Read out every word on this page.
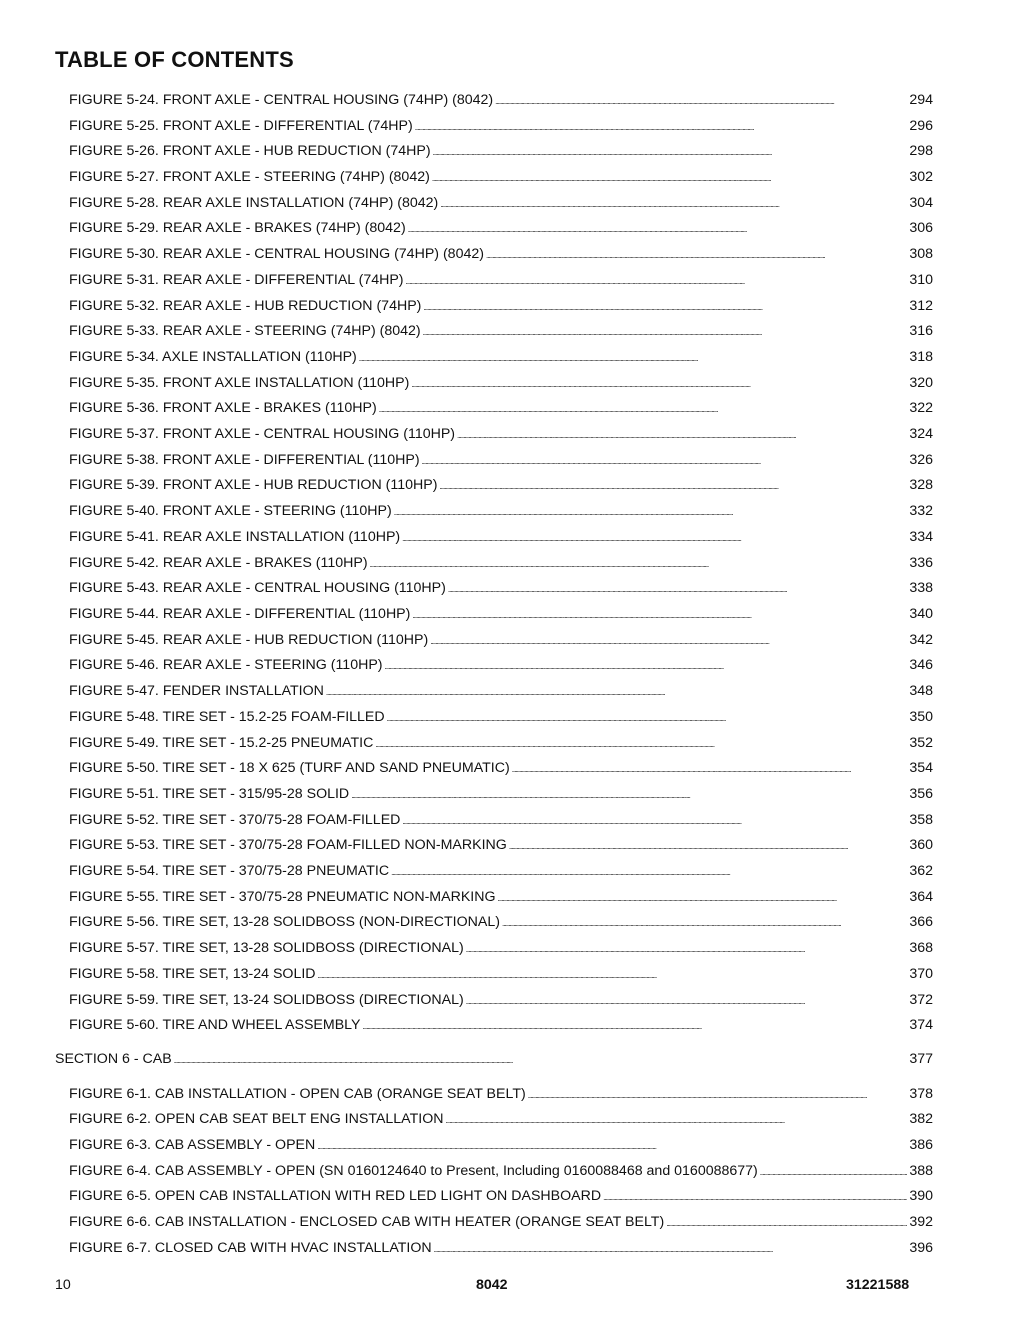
TABLE OF CONTENTS
FIGURE 5-24. FRONT AXLE - CENTRAL HOUSING (74HP) (8042) . . .	294
FIGURE 5-25. FRONT AXLE - DIFFERENTIAL (74HP) . . .	296
FIGURE 5-26. FRONT AXLE - HUB REDUCTION (74HP) . . .	298
FIGURE 5-27. FRONT AXLE - STEERING (74HP) (8042) . . .	302
FIGURE 5-28. REAR AXLE INSTALLATION (74HP) (8042) . . .	304
FIGURE 5-29. REAR AXLE - BRAKES (74HP) (8042) . . .	306
FIGURE 5-30. REAR AXLE - CENTRAL HOUSING (74HP) (8042) . . .	308
FIGURE 5-31. REAR AXLE - DIFFERENTIAL (74HP) . . .	310
FIGURE 5-32. REAR AXLE - HUB REDUCTION (74HP) . . .	312
FIGURE 5-33. REAR AXLE - STEERING (74HP) (8042) . . .	316
FIGURE 5-34. AXLE INSTALLATION (110HP) . . .	318
FIGURE 5-35. FRONT AXLE INSTALLATION (110HP) . . .	320
FIGURE 5-36. FRONT AXLE - BRAKES (110HP) . . .	322
FIGURE 5-37. FRONT AXLE - CENTRAL HOUSING (110HP) . . .	324
FIGURE 5-38. FRONT AXLE - DIFFERENTIAL (110HP) . . .	326
FIGURE 5-39. FRONT AXLE - HUB REDUCTION (110HP) . . .	328
FIGURE 5-40. FRONT AXLE - STEERING (110HP) . . .	332
FIGURE 5-41. REAR AXLE INSTALLATION (110HP) . . .	334
FIGURE 5-42. REAR AXLE - BRAKES (110HP) . . .	336
FIGURE 5-43. REAR AXLE - CENTRAL HOUSING (110HP) . . .	338
FIGURE 5-44. REAR AXLE - DIFFERENTIAL (110HP) . . .	340
FIGURE 5-45. REAR AXLE - HUB REDUCTION (110HP) . . .	342
FIGURE 5-46. REAR AXLE - STEERING (110HP) . . .	346
FIGURE 5-47. FENDER INSTALLATION . . .	348
FIGURE 5-48. TIRE SET - 15.2-25 FOAM-FILLED . . .	350
FIGURE 5-49. TIRE SET - 15.2-25 PNEUMATIC . . .	352
FIGURE 5-50. TIRE SET - 18 X 625 (TURF AND SAND PNEUMATIC) . . .	354
FIGURE 5-51. TIRE SET - 315/95-28 SOLID . . .	356
FIGURE 5-52. TIRE SET - 370/75-28 FOAM-FILLED . . .	358
FIGURE 5-53. TIRE SET - 370/75-28 FOAM-FILLED NON-MARKING . . .	360
FIGURE 5-54. TIRE SET - 370/75-28 PNEUMATIC . . .	362
FIGURE 5-55. TIRE SET - 370/75-28 PNEUMATIC NON-MARKING . . .	364
FIGURE 5-56. TIRE SET, 13-28 SOLIDBOSS (NON-DIRECTIONAL) . . .	366
FIGURE 5-57. TIRE SET, 13-28 SOLIDBOSS (DIRECTIONAL) . . .	368
FIGURE 5-58. TIRE SET, 13-24 SOLID . . .	370
FIGURE 5-59. TIRE SET, 13-24 SOLIDBOSS (DIRECTIONAL) . . .	372
FIGURE 5-60. TIRE AND WHEEL ASSEMBLY . . .	374
SECTION 6 - CAB . . .	377
FIGURE 6-1. CAB INSTALLATION - OPEN CAB (ORANGE SEAT BELT) . . .	378
FIGURE 6-2. OPEN CAB SEAT BELT ENG INSTALLATION . . .	382
FIGURE 6-3. CAB ASSEMBLY - OPEN . . .	386
FIGURE 6-4. CAB ASSEMBLY - OPEN (SN 0160124640 to Present, Including 0160088468 and 0160088677) . . .	388
FIGURE 6-5. OPEN CAB INSTALLATION WITH RED LED LIGHT ON DASHBOARD . . .	390
FIGURE 6-6. CAB INSTALLATION - ENCLOSED CAB WITH HEATER (ORANGE SEAT BELT) . . .	392
FIGURE 6-7. CLOSED CAB WITH HVAC INSTALLATION . . .	396
10	8042	31221588
